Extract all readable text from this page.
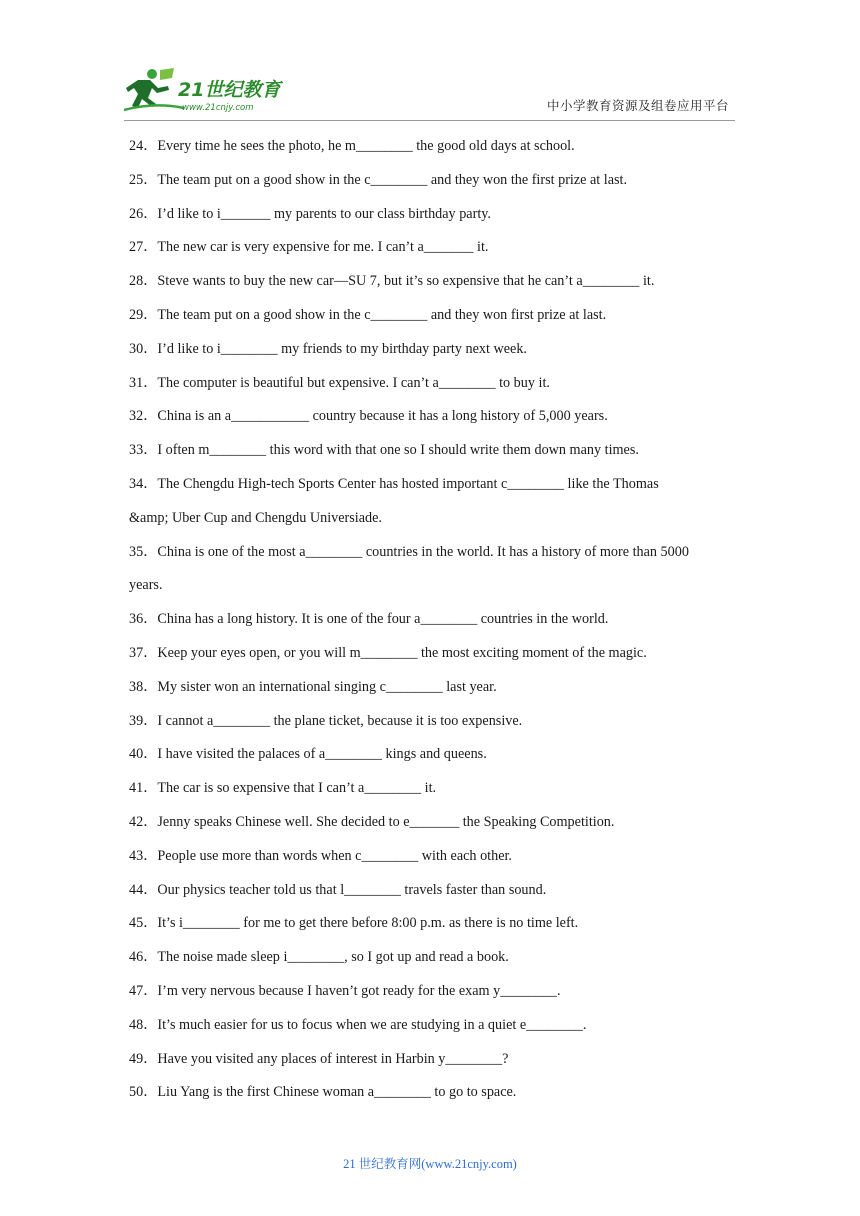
21世纪教育
www.21cnjy.com	中小学教育资源及组卷应用平台
24．Every time he sees the photo, he m________ the good old days at school.
25．The team put on a good show in the c________ and they won the first prize at last.
26．I’d like to i_______ my parents to our class birthday party.
27．The new car is very expensive for me. I can’t a_______ it.
28．Steve wants to buy the new car—SU 7, but it’s so expensive that he can’t a________ it.
29．The team put on a good show in the c________ and they won first prize at last.
30．I’d like to i________ my friends to my birthday party next week.
31．The computer is beautiful but expensive. I can’t a________ to buy it.
32．China is an a___________ country because it has a long history of 5,000 years.
33．I often m________ this word with that one so I should write them down many times.
34．The Chengdu High-tech Sports Center has hosted important c________ like the Thomas
&amp; Uber Cup and Chengdu Universiade.
35．China is one of the most a________ countries in the world. It has a history of more than 5000
years.
36．China has a long history. It is one of the four a________ countries in the world.
37．Keep your eyes open, or you will m________ the most exciting moment of the magic.
38．My sister won an international singing c________ last year.
39．I cannot a________ the plane ticket, because it is too expensive.
40．I have visited the palaces of a________ kings and queens.
41．The car is so expensive that I can’t a________ it.
42．Jenny speaks Chinese well. She decided to e_______ the Speaking Competition.
43．People use more than words when c________ with each other.
44．Our physics teacher told us that l________ travels faster than sound.
45．It’s i________ for me to get there before 8:00 p.m. as there is no time left.
46．The noise made sleep i________, so I got up and read a book.
47．I’m very nervous because I haven’t got ready for the exam y________.
48．It’s much easier for us to focus when we are studying in a quiet e________.
49．Have you visited any places of interest in Harbin y________?
50．Liu Yang is the first Chinese woman a________ to go to space.
21 世纪教育网(www.21cnjy.com)
